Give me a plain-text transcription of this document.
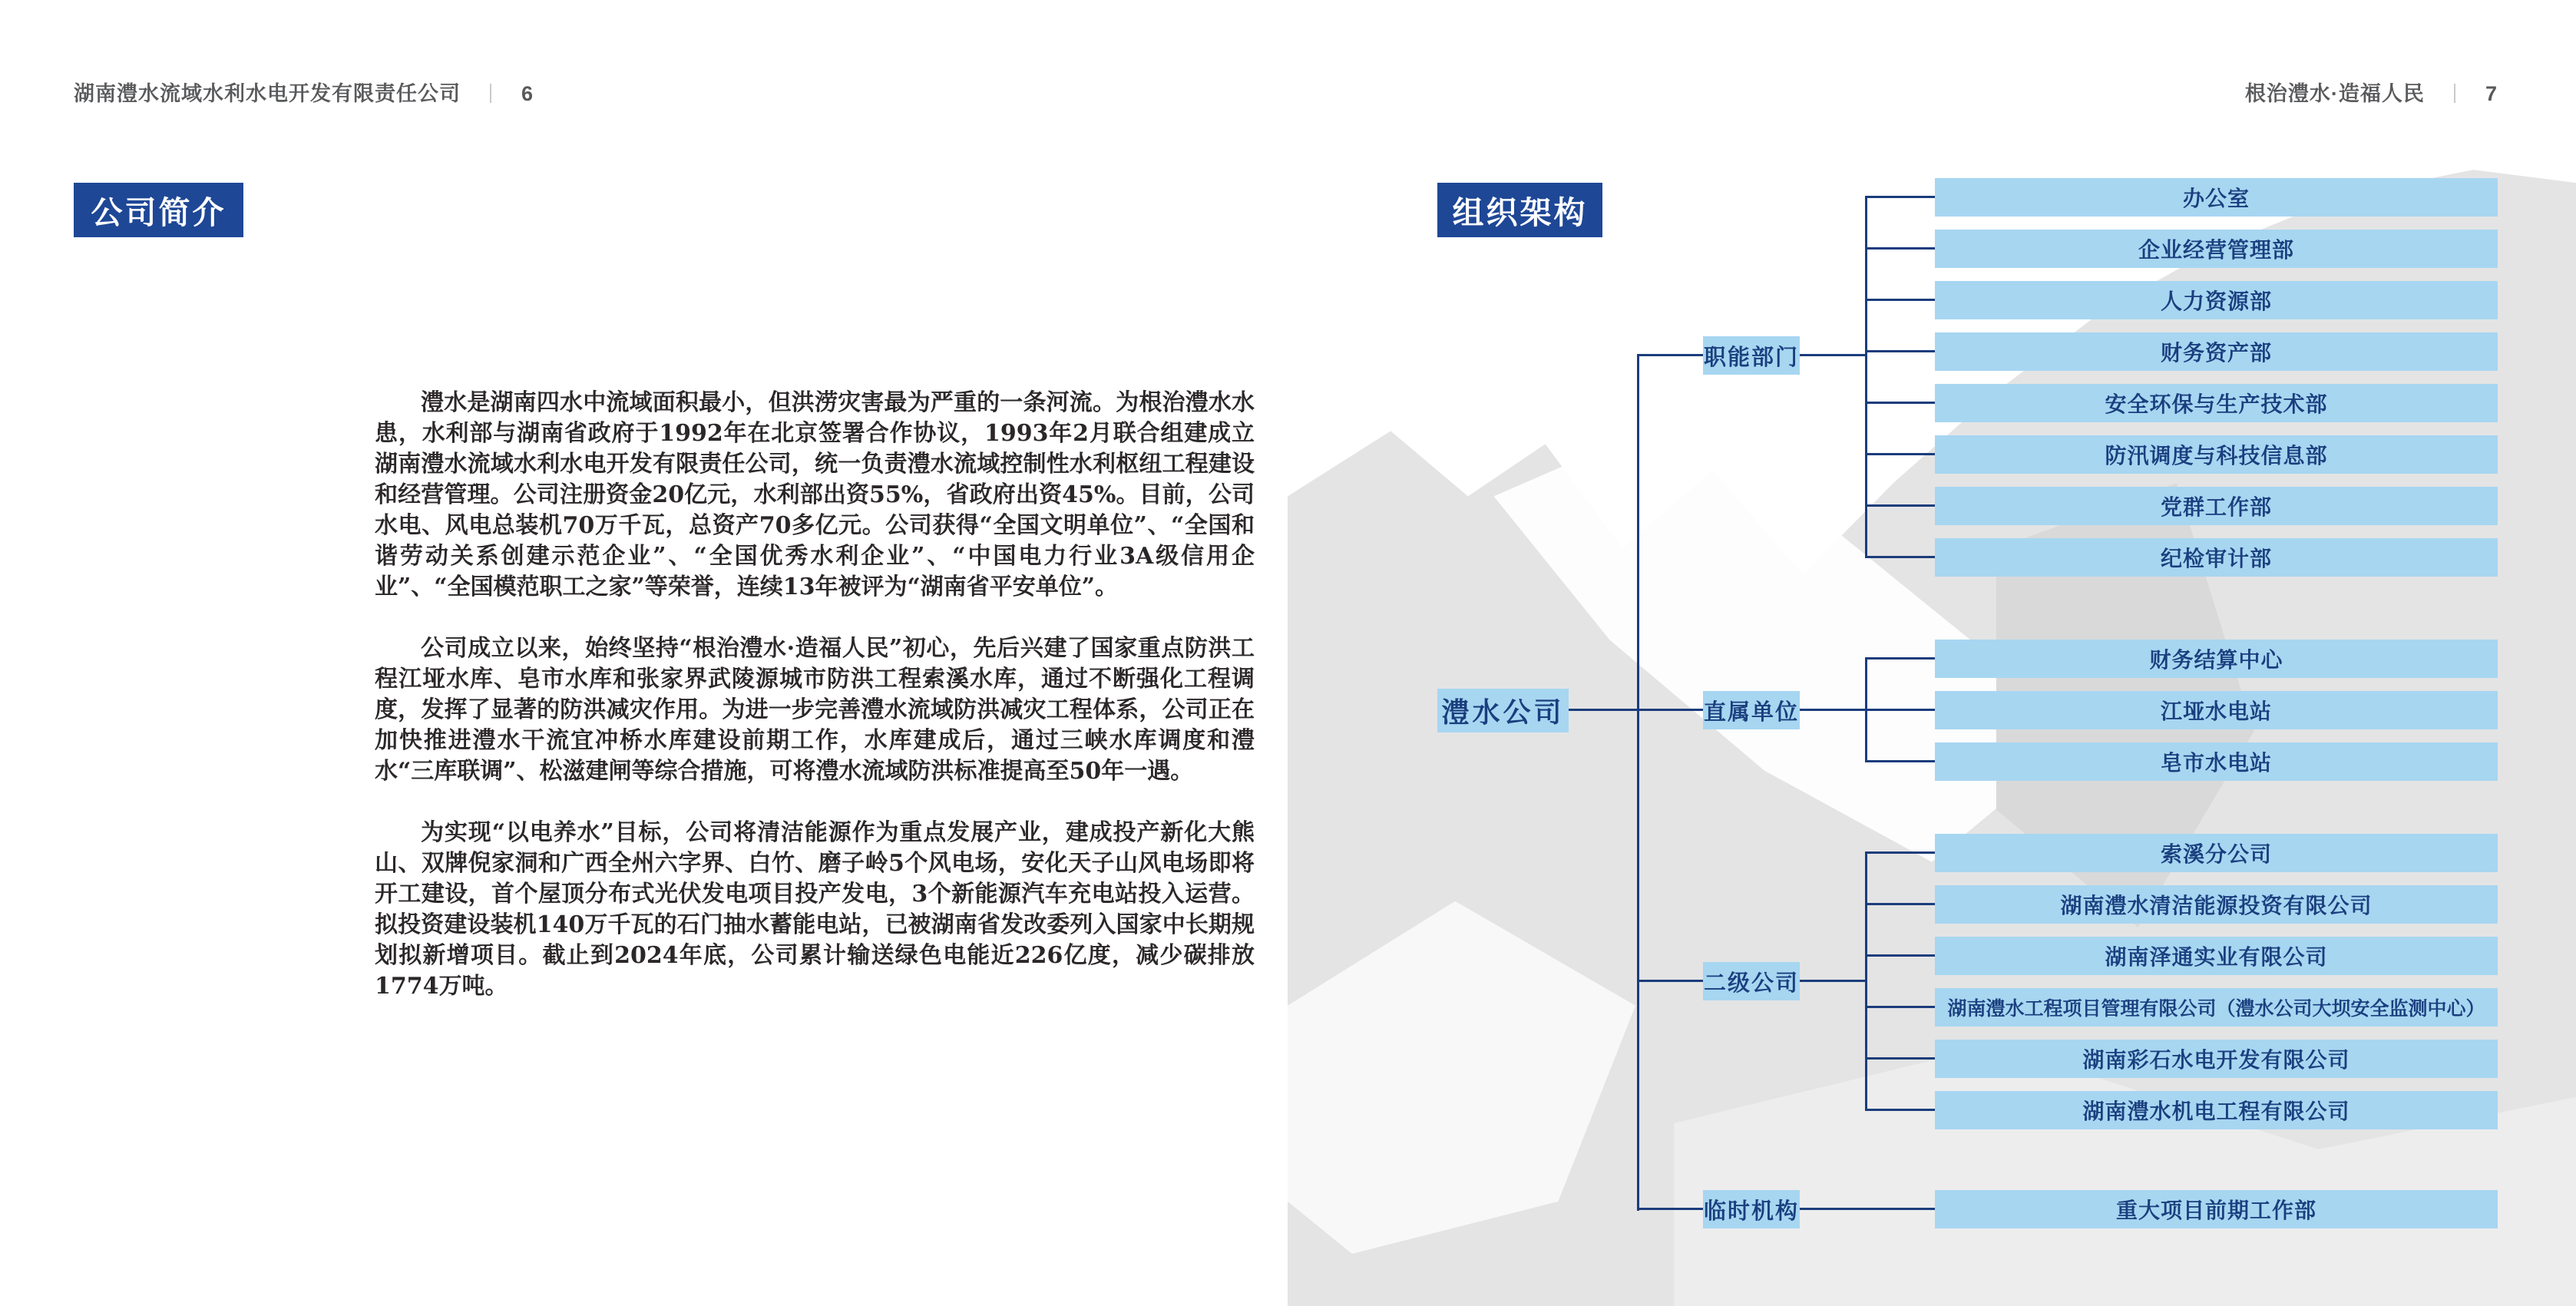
湖南澧水流域水利水电开发有限责任公司 ｜ 6
公司简介

澧水是湖南四水中流域面积最小，但洪涝灾害最为严重的一条河流。为根治澧水水患，水利部与湖南省政府于1992年在北京签署合作协议，1993年2月联合组建成立湖南澧水流域水利水电开发有限责任公司，统一负责澧水流域控制性水利枢纽工程建设和经营管理。公司注册资金20亿元，水利部出资55%，省政府出资45%。目前，公司水电、风电总装机70万千瓦，总资产70多亿元。公司获得“全国文明单位”、“全国和谐劳动关系创建示范企业”、“全国优秀水利企业”、“中国电力行业3A级信用企业”、“全国模范职工之家”等荣誉，连续13年被评为“湖南省平安单位”。

公司成立以来，始终坚持“根治澧水·造福人民”初心，先后兴建了国家重点防洪工程江垭水库、皂市水库和张家界武陵源城市防洪工程索溪水库，通过不断强化工程调度，发挥了显著的防洪减灾作用。为进一步完善澧水流域防洪减灾工程体系，公司正在加快推进澧水干流宜冲桥水库建设前期工作，水库建成后，通过三峡水库调度和澧水“三库联调”、松滋建闸等综合措施，可将澧水流域防洪标准提高至50年一遇。

为实现“以电养水”目标，公司将清洁能源作为重点发展产业，建成投产新化大熊山、双牌倪家洞和广西全州六字界、白竹、磨子岭5个风电场，安化天子山风电场即将开工建设，首个屋顶分布式光伏发电项目投产发电，3个新能源汽车充电站投入运营。拟投资建设装机140万千瓦的石门抽水蓄能电站，已被湖南省发改委列入国家中长期规划拟新增项目。截止到2024年底，公司累计输送绿色电能近226亿度，减少碳排放1774万吨。

根治澧水·造福人民 ｜ 7
组织架构
澧水公司
职能部门
直属单位
二级公司
临时机构
办公室
企业经营管理部
人力资源部
财务资产部
安全环保与生产技术部
防汛调度与科技信息部
党群工作部
纪检审计部
财务结算中心
江垭水电站
皂市水电站
索溪分公司
湖南澧水清洁能源投资有限公司
湖南泽通实业有限公司
湖南澧水工程项目管理有限公司（澧水公司大坝安全监测中心）
湖南彩石水电开发有限公司
湖南澧水机电工程有限公司
重大项目前期工作部
